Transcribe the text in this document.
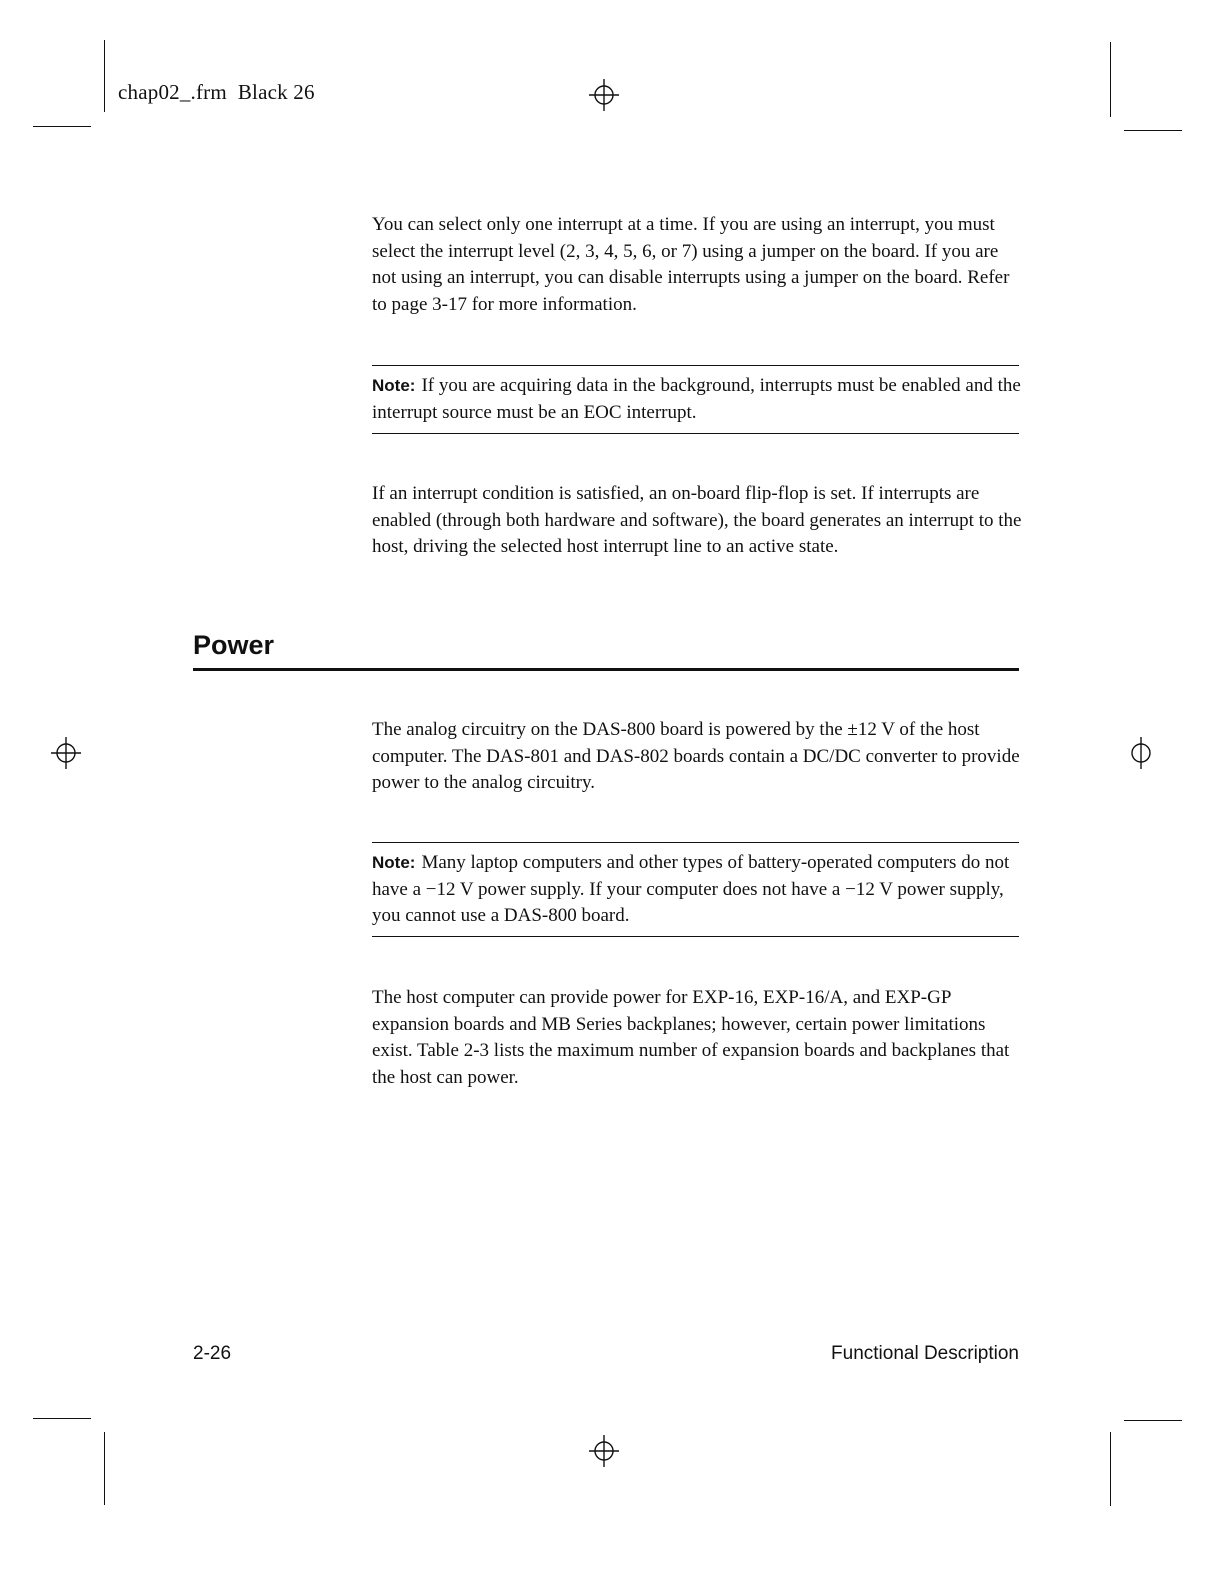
chap02_.frm Black 26

You can select only one interrupt at a time. If you are using an interrupt, you must select the interrupt level (2, 3, 4, 5, 6, or 7) using a jumper on the board. If you are not using an interrupt, you can disable interrupts using a jumper on the board. Refer to page 3-17 for more information.

Note: If you are acquiring data in the background, interrupts must be enabled and the interrupt source must be an EOC interrupt.

If an interrupt condition is satisfied, an on-board flip-flop is set. If interrupts are enabled (through both hardware and software), the board generates an interrupt to the host, driving the selected host interrupt line to an active state.

Power

The analog circuitry on the DAS-800 board is powered by the ±12 V of the host computer. The DAS-801 and DAS-802 boards contain a DC/DC converter to provide power to the analog circuitry.

Note: Many laptop computers and other types of battery-operated computers do not have a −12 V power supply. If your computer does not have a −12 V power supply, you cannot use a DAS-800 board.

The host computer can provide power for EXP-16, EXP-16/A, and EXP-GP expansion boards and MB Series backplanes; however, certain power limitations exist. Table 2-3 lists the maximum number of expansion boards and backplanes that the host can power.

2-26	Functional Description
